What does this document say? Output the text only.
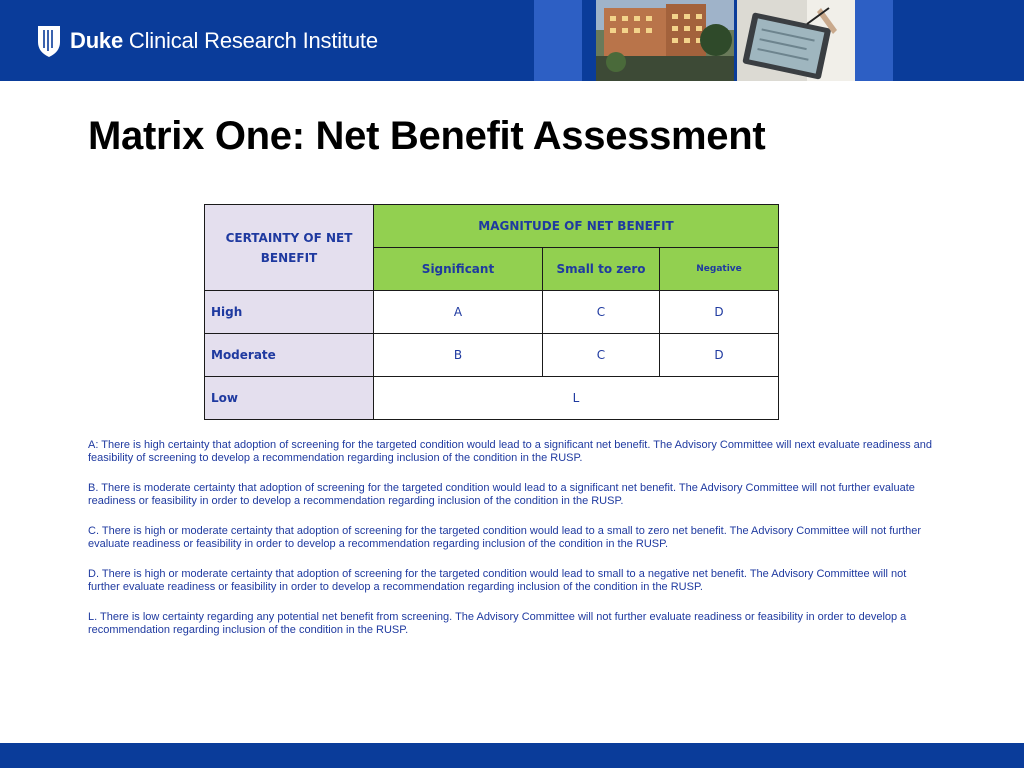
Duke Clinical Research Institute
Matrix One: Net Benefit Assessment
CERTAINTY OF NET BENEFIT	MAGNITUDE OF NET BENEFIT		
	Significant	Small to zero	Negative
High	A	C	D
Moderate	B	C	D
Low	L		

A: There is high certainty that adoption of screening for the targeted condition would lead to a significant net benefit. The Advisory Committee will next evaluate readiness and feasibility of screening to develop a recommendation regarding inclusion of the condition in the RUSP.

B. There is moderate certainty that adoption of screening for the targeted condition would lead to a significant net benefit. The Advisory Committee will not further evaluate readiness or feasibility in order to develop a recommendation regarding inclusion of the condition in the RUSP.

C. There is high or moderate certainty that adoption of screening for the targeted condition would lead to a small to zero net benefit. The Advisory Committee will not further evaluate readiness or feasibility in order to develop a recommendation regarding inclusion of the condition in the RUSP.

D. There is high or moderate certainty that adoption of screening for the targeted condition would lead to small to a negative net benefit. The Advisory Committee will not further evaluate readiness or feasibility in order to develop a recommendation regarding inclusion of the condition in the RUSP.

L. There is low certainty regarding any potential net benefit from screening. The Advisory Committee will not further evaluate readiness or feasibility in order to develop a recommendation regarding inclusion of the condition in the RUSP.
